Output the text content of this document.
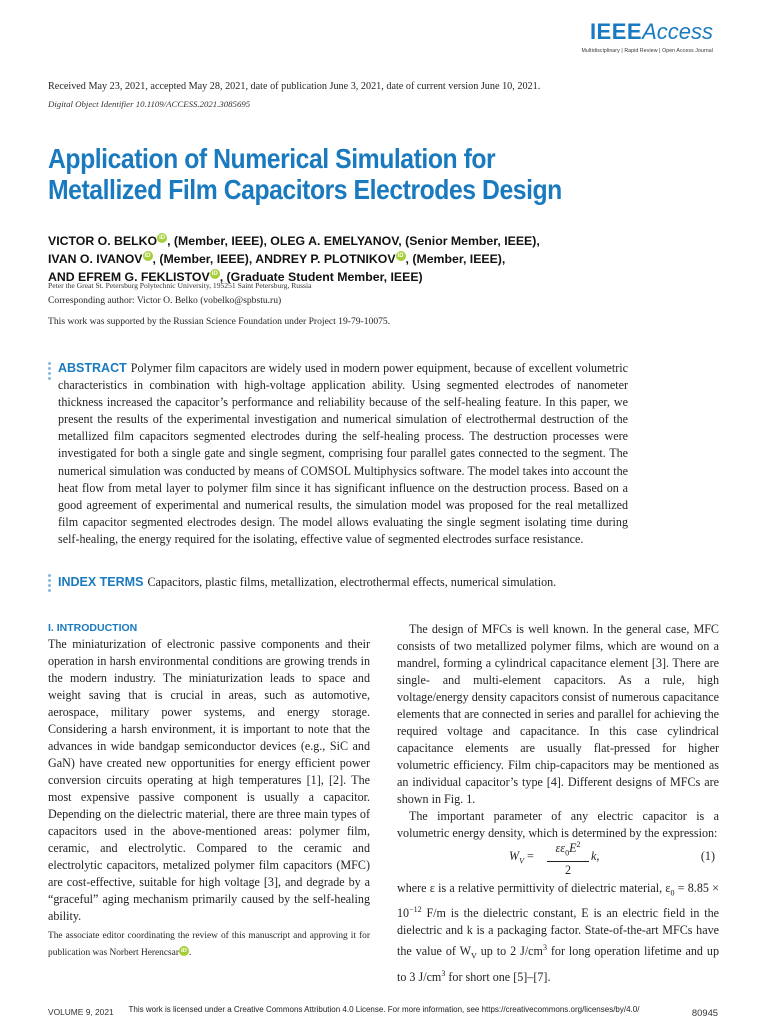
IEEEAccess
Multidisciplinary | Rapid Review | Open Access Journal
Received May 23, 2021, accepted May 28, 2021, date of publication June 3, 2021, date of current version June 10, 2021.
Digital Object Identifier 10.1109/ACCESS.2021.3085695
Application of Numerical Simulation for
Metallized Film Capacitors Electrodes Design
VICTOR O. BELKO iD , (Member, IEEE), OLEG A. EMELYANOV, (Senior Member, IEEE),
IVAN O. IVANOV iD , (Member, IEEE), ANDREY P. PLOTNIKOV iD , (Member, IEEE),
AND EFREM G. FEKLISTOV iD , (Graduate Student Member, IEEE)
Peter the Great St. Petersburg Polytechnic University, 195251 Saint Petersburg, Russia
Corresponding author: Victor O. Belko (vobelko@spbstu.ru)
This work was supported by the Russian Science Foundation under Project 19-79-10075.
ABSTRACT Polymer film capacitors are widely used in modern power equipment, because of excellent volumetric characteristics in combination with high-voltage application ability. Using segmented electrodes of nanometer thickness increased the capacitor’s performance and reliability because of the self-healing feature. In this paper, we present the results of the experimental investigation and numerical simulation of electrothermal destruction of the metallized film capacitors segmented electrodes during the self-healing process. The destruction processes were investigated for both a single gate and single segment, comprising four parallel gates connected to the segment. The numerical simulation was conducted by means of COMSOL Multiphysics software. The model takes into account the heat flow from metal layer to polymer film since it has significant influence on the destruction process. Based on a good agreement of experimental and numerical results, the simulation model was proposed for the real metallized film capacitor segmented electrodes design. The model allows evaluating the single segment isolating time during self-healing, the energy required for the isolating, effective value of segmented electrodes surface resistance.
INDEX TERMS Capacitors, plastic films, metallization, electrothermal effects, numerical simulation.
I. INTRODUCTION

The miniaturization of electronic passive components and their operation in harsh environmental conditions are growing trends in the modern industry. The miniaturization leads to space and weight saving that is crucial in areas, such as automotive, aerospace, military power systems, and energy storage. Considering a harsh environment, it is important to note that the advances in wide bandgap semiconductor devices (e.g., SiC and GaN) have created new opportunities for energy efficient power conversion circuits operating at high temperatures [1], [2]. The most expensive passive component is usually a capacitor. Depending on the dielectric material, there are three main types of capacitors used in the above-mentioned areas: polymer film, ceramic, and electrolytic. Compared to the ceramic and electrolytic capacitors, metalized polymer film capacitors (MFC) are cost-effective, suitable for high voltage [3], and degrade by a “graceful” aging mechanism primarily caused by the self-healing ability.

The design of MFCs is well known. In the general case, MFC consists of two metallized polymer films, which are wound on a mandrel, forming a cylindrical capacitance element [3]. There are single- and multi-element capacitors. As a rule, high voltage/energy density capacitors consist of numerous capacitance elements that are connected in series and parallel for achieving the required voltage and capacitance. In this case cylindrical capacitance elements are usually flat-pressed for higher volumetric efficiency. Film chip-capacitors may be mentioned as an individual capacitor’s type [4]. Different designs of MFCs are shown in Fig. 1.

The important parameter of any electric capacitor is a volumetric energy density, which is determined by the expression:

$W_V = \frac{\varepsilon\varepsilon_0E^2}{2} k$,	(1)

where ε is a relative permittivity of dielectric material, $\varepsilon_0 = 8.85 \times 10^{-12}$ F/m is the dielectric constant, E is an electric field in the dielectric and k is a packaging factor. State-of-the-art MFCs have the value of $W_V$ up to 2 $J/cm^3$ for long operation lifetime and up to 3 $J/cm^3$ for short one [5]–[7].

The associate editor coordinating the review of this manuscript and approving it for publication was Norbert Herencsar iD .
VOLUME 9, 2021	This work is licensed under a Creative Commons Attribution 4.0 License. For more information, see https://creativecommons.org/licenses/by/4.0/	80945
